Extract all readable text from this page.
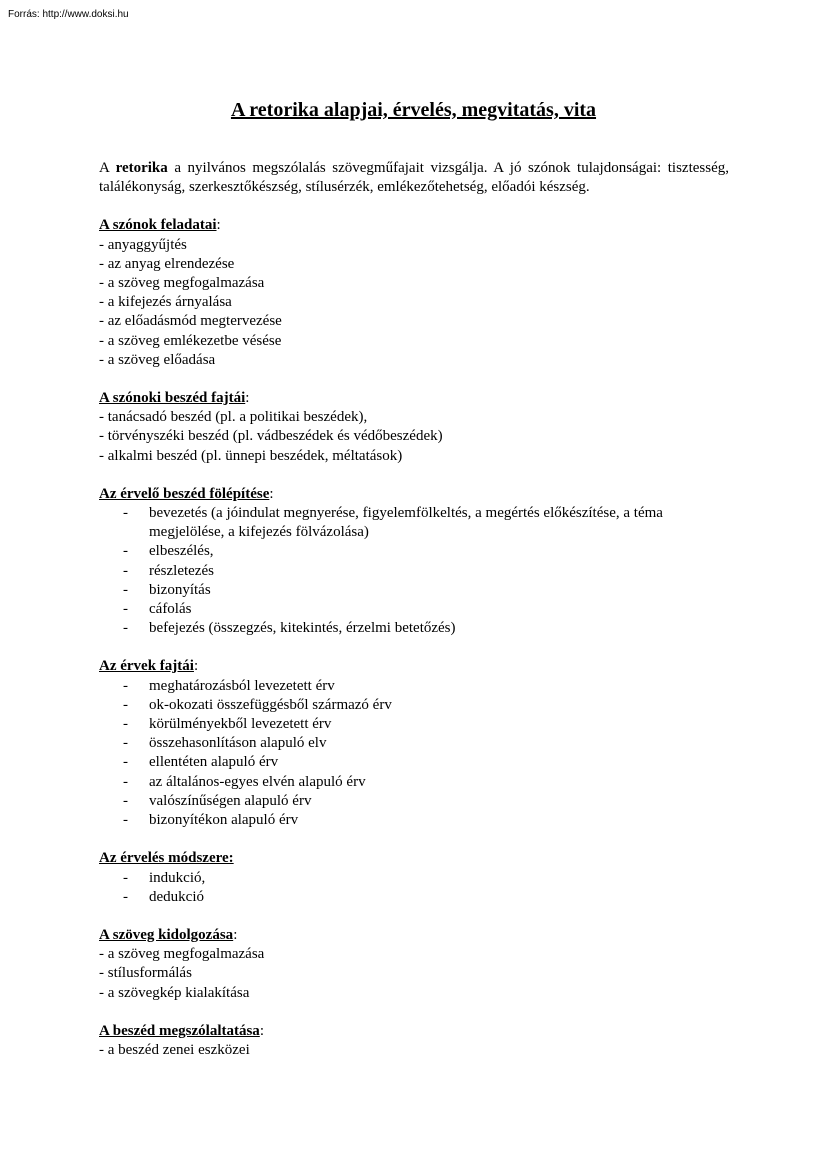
Forrás: http://www.doksi.hu
A retorika alapjai, érvelés, megvitatás, vita

A retorika a nyilvános megszólalás szövegműfajait vizsgálja. A jó szónok tulajdonságai: tisztesség, találékonyság, szerkesztőkészség, stílusérzék, emlékezőtehetség, előadói készség.

A szónok feladatai:

- anyaggyűjtés
- az anyag elrendezése
- a szöveg megfogalmazása
- a kifejezés árnyalása
- az előadásmód megtervezése
- a szöveg emlékezetbe vésése
- a szöveg előadása

A szónoki beszéd fajtái:

- tanácsadó beszéd (pl. a politikai beszédek),
- törvényszéki beszéd (pl. vádbeszédek és védőbeszédek)
- alkalmi beszéd (pl. ünnepi beszédek, méltatások)

Az érvelő beszéd fölépítése:

- bevezetés (a jóindulat megnyerése, figyelemfölkeltés, a megértés előkészítése, a téma megjelölése, a kifejezés fölvázolása)
- elbeszélés,
- részletezés
- bizonyítás
- cáfolás
- befejezés (összegzés, kitekintés, érzelmi betetőzés)

Az érvek fajtái:

- meghatározásból levezetett érv
- ok-okozati összefüggésből származó érv
- körülményekből levezetett érv
- összehasonlításon alapuló elv
- ellentéten alapuló érv
- az általános-egyes elvén alapuló érv
- valószínűségen alapuló érv
- bizonyítékon alapuló érv

Az érvelés módszere:

- indukció,
- dedukció

A szöveg kidolgozása:

- a szöveg megfogalmazása
- stílusformálás
- a szövegkép kialakítása

A beszéd megszólaltatása:

- a beszéd zenei eszközei
